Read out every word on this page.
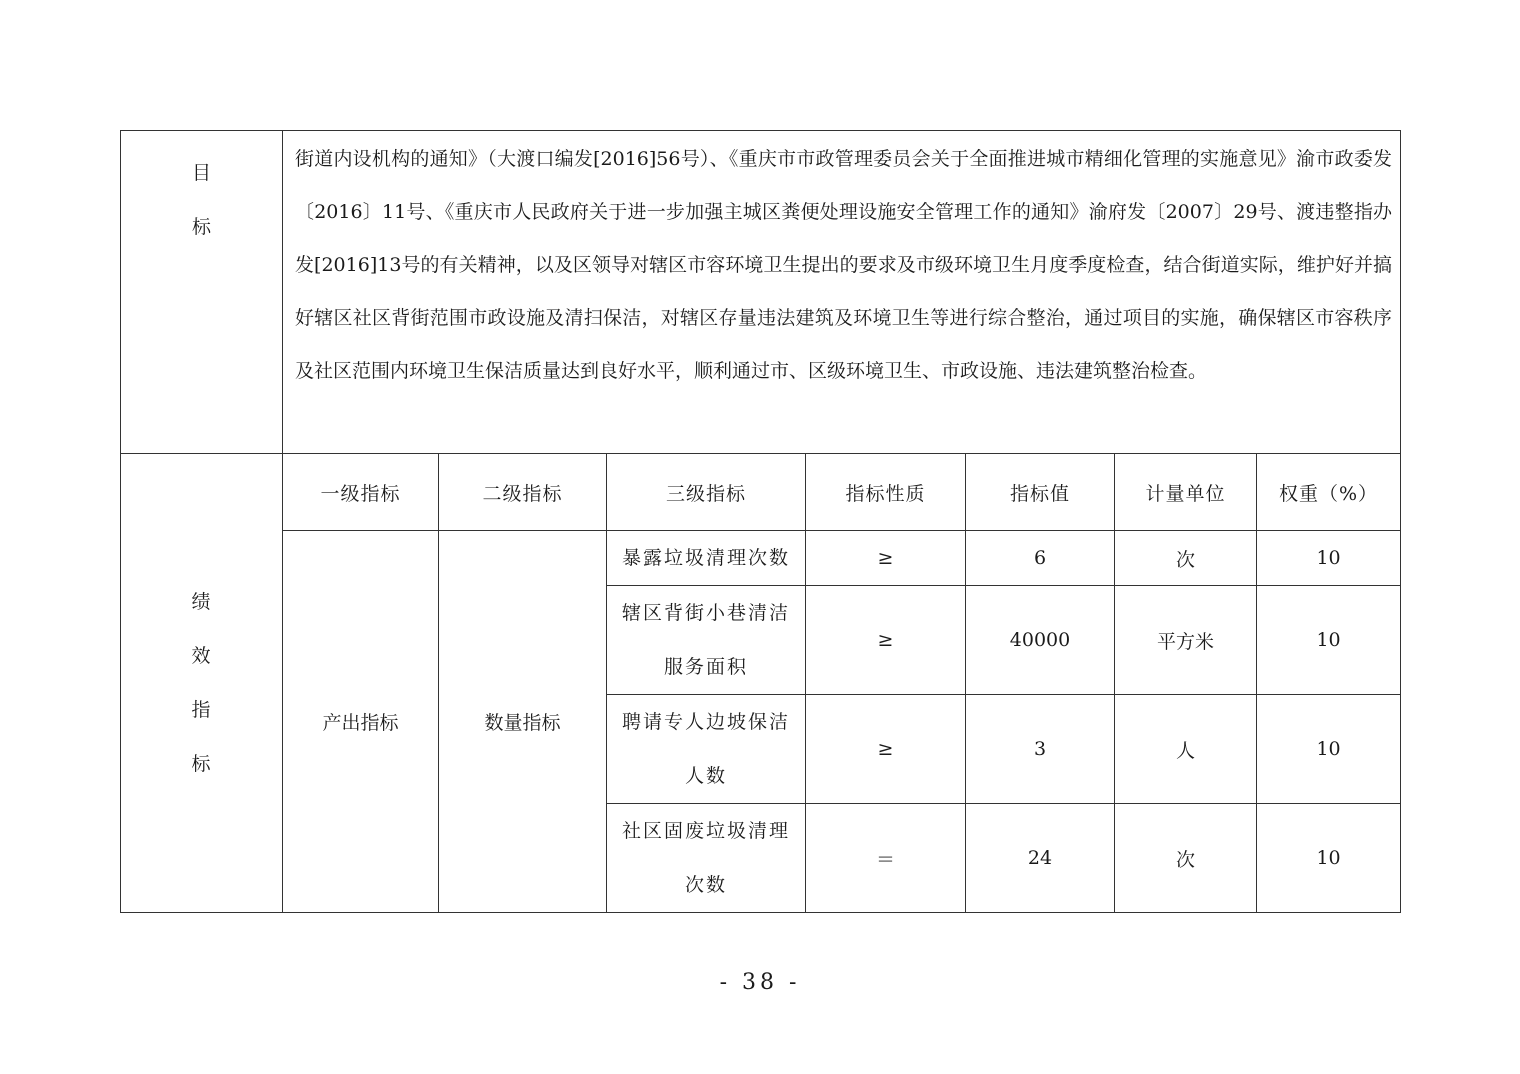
目
标	街道内设机构的通知》（大渡口编发[2016]56号）、《重庆市市政管理委员会关于全面推进城市精细化管理的实施意见》渝市政委发〔2016〕11号、《重庆市人民政府关于进一步加强主城区粪便处理设施安全管理工作的通知》渝府发〔2007〕29号、渡违整指办发[2016]13号的有关精神，以及区领导对辖区市容环境卫生提出的要求及市级环境卫生月度季度检查，结合街道实际，维护好并搞好辖区社区背街范围市政设施及清扫保洁，对辖区存量违法建筑及环境卫生等进行综合整治，通过项目的实施，确保辖区市容秩序及社区范围内环境卫生保洁质量达到良好水平，顺利通过市、区级环境卫生、市政设施、违法建筑整治检查。						

绩
效
指
标	一级指标	二级指标	三级指标	指标性质	指标值	计量单位	权重（%）
	产出指标	数量指标	暴露垃圾清理次数	≥	6	次	10
			辖区背街小巷清洁服务面积	≥	40000	平方米	10
			聘请专人边坡保洁人数	≥	3	人	10
			社区固废垃圾清理次数	＝	24	次	10
- 38 -
